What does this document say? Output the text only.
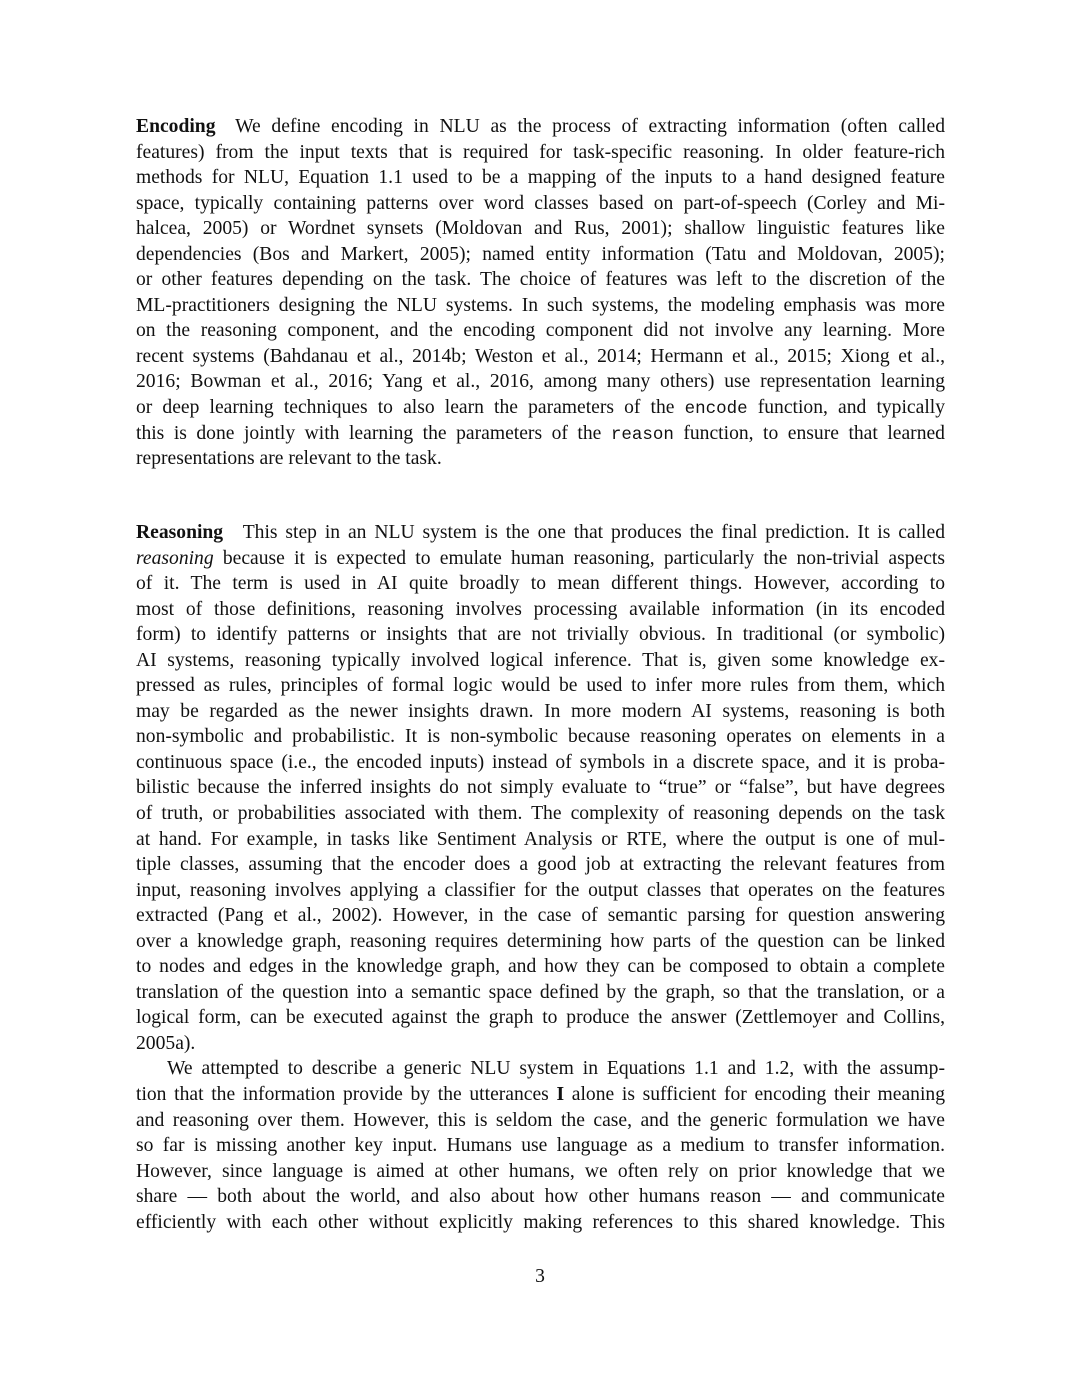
Encoding We define encoding in NLU as the process of extracting information (often called
features) from the input texts that is required for task-specific reasoning. In older feature-rich
methods for NLU, Equation 1.1 used to be a mapping of the inputs to a hand designed feature
space, typically containing patterns over word classes based on part-of-speech (Corley and Mi-
halcea, 2005) or Wordnet synsets (Moldovan and Rus, 2001); shallow linguistic features like
dependencies (Bos and Markert, 2005); named entity information (Tatu and Moldovan, 2005);
or other features depending on the task. The choice of features was left to the discretion of the
ML-practitioners designing the NLU systems. In such systems, the modeling emphasis was more
on the reasoning component, and the encoding component did not involve any learning. More
recent systems (Bahdanau et al., 2014b; Weston et al., 2014; Hermann et al., 2015; Xiong et al.,
2016; Bowman et al., 2016; Yang et al., 2016, among many others) use representation learning
or deep learning techniques to also learn the parameters of the encode function, and typically
this is done jointly with learning the parameters of the reason function, to ensure that learned
representations are relevant to the task.
Reasoning This step in an NLU system is the one that produces the final prediction. It is called
reasoning because it is expected to emulate human reasoning, particularly the non-trivial aspects
of it. The term is used in AI quite broadly to mean different things. However, according to
most of those definitions, reasoning involves processing available information (in its encoded
form) to identify patterns or insights that are not trivially obvious. In traditional (or symbolic)
AI systems, reasoning typically involved logical inference. That is, given some knowledge ex-
pressed as rules, principles of formal logic would be used to infer more rules from them, which
may be regarded as the newer insights drawn. In more modern AI systems, reasoning is both
non-symbolic and probabilistic. It is non-symbolic because reasoning operates on elements in a
continuous space (i.e., the encoded inputs) instead of symbols in a discrete space, and it is proba-
bilistic because the inferred insights do not simply evaluate to “true” or “false”, but have degrees
of truth, or probabilities associated with them. The complexity of reasoning depends on the task
at hand. For example, in tasks like Sentiment Analysis or RTE, where the output is one of mul-
tiple classes, assuming that the encoder does a good job at extracting the relevant features from
input, reasoning involves applying a classifier for the output classes that operates on the features
extracted (Pang et al., 2002). However, in the case of semantic parsing for question answering
over a knowledge graph, reasoning requires determining how parts of the question can be linked
to nodes and edges in the knowledge graph, and how they can be composed to obtain a complete
translation of the question into a semantic space defined by the graph, so that the translation, or a
logical form, can be executed against the graph to produce the answer (Zettlemoyer and Collins,
2005a).
We attempted to describe a generic NLU system in Equations 1.1 and 1.2, with the assump-
tion that the information provide by the utterances I alone is sufficient for encoding their meaning
and reasoning over them. However, this is seldom the case, and the generic formulation we have
so far is missing another key input. Humans use language as a medium to transfer information.
However, since language is aimed at other humans, we often rely on prior knowledge that we
share — both about the world, and also about how other humans reason — and communicate
efficiently with each other without explicitly making references to this shared knowledge. This
3
